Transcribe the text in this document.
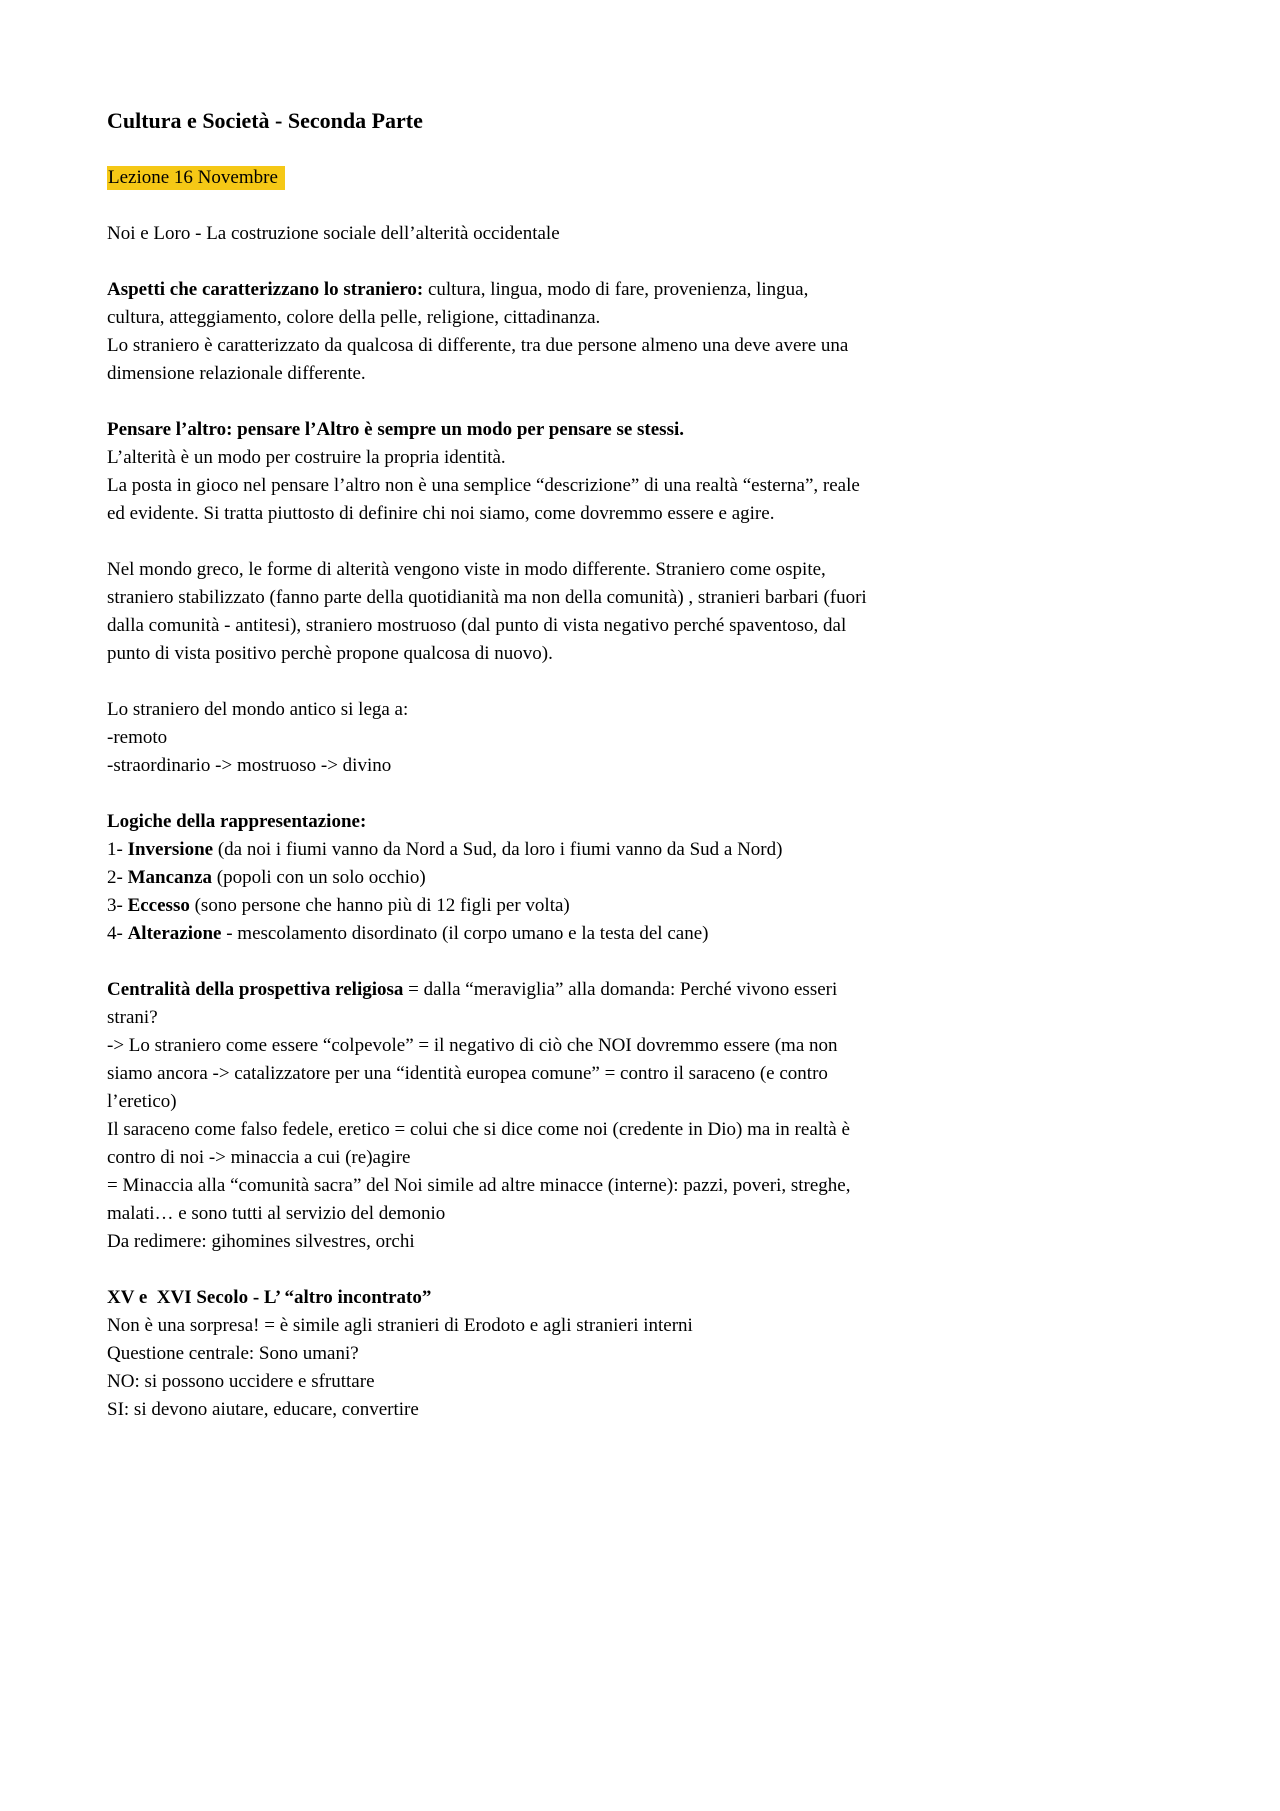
Cultura e Società - Seconda Parte
Lezione 16 Novembre
Noi e Loro - La costruzione sociale dell’alterità occidentale
Aspetti che caratterizzano lo straniero: cultura, lingua, modo di fare, provenienza, lingua,
cultura, atteggiamento, colore della pelle, religione, cittadinanza.
Lo straniero è caratterizzato da qualcosa di differente, tra due persone almeno una deve avere una
dimensione relazionale differente.
Pensare l’altro: pensare l’Altro è sempre un modo per pensare se stessi.
L’alterità è un modo per costruire la propria identità.
La posta in gioco nel pensare l’altro non è una semplice “descrizione” di una realtà “esterna”, reale
ed evidente. Si tratta piuttosto di definire chi noi siamo, come dovremmo essere e agire.
Nel mondo greco, le forme di alterità vengono viste in modo differente. Straniero come ospite,
straniero stabilizzato (fanno parte della quotidianità ma non della comunità) , stranieri barbari (fuori
dalla comunità - antitesi), straniero mostruoso (dal punto di vista negativo perché spaventoso, dal
punto di vista positivo perchè propone qualcosa di nuovo).
Lo straniero del mondo antico si lega a:
-remoto
-straordinario -> mostruoso -> divino
Logiche della rappresentazione:
1- Inversione (da noi i fiumi vanno da Nord a Sud, da loro i fiumi vanno da Sud a Nord)
2- Mancanza (popoli con un solo occhio)
3- Eccesso (sono persone che hanno più di 12 figli per volta)
4- Alterazione - mescolamento disordinato (il corpo umano e la testa del cane)
Centralità della prospettiva religiosa = dalla “meraviglia” alla domanda: Perché vivono esseri
strani?
-> Lo straniero come essere “colpevole” = il negativo di ciò che NOI dovremmo essere (ma non
siamo ancora -> catalizzatore per una “identità europea comune” = contro il saraceno (e contro
l’eretico)
Il saraceno come falso fedele, eretico = colui che si dice come noi (credente in Dio) ma in realtà è
contro di noi -> minaccia a cui (re)agire
= Minaccia alla “comunità sacra” del Noi simile ad altre minacce (interne): pazzi, poveri, streghe,
malati… e sono tutti al servizio del demonio
Da redimere: gihomines silvestres, orchi
XV e  XVI Secolo - L’ “altro incontrato”
Non è una sorpresa! = è simile agli stranieri di Erodoto e agli stranieri interni
Questione centrale: Sono umani?
NO: si possono uccidere e sfruttare
SI: si devono aiutare, educare, convertire
